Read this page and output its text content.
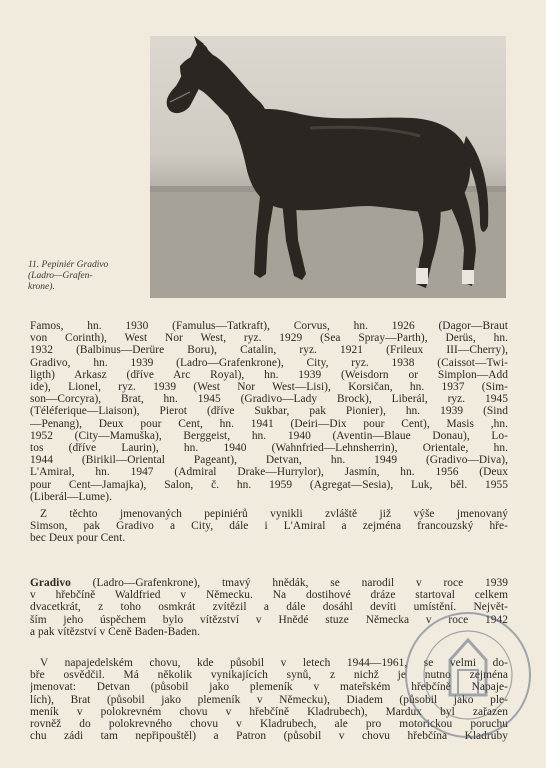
11. Pepiniér Gradivo
(Ladro—Grafen-
krone).
Famos, hn. 1930 (Famulus—Tatkraft), Corvus, hn. 1926 (Dagor—Braut
von Corinth), West Nor West, ryz. 1929 (Sea Spray—Parth), Derüs, hn.
1932 (Balbinus—Derüre Boru), Catalin, ryz. 1921 (Frileux III—Cherry),
Gradivo, hn. 1939 (Ladro—Grafenkrone), City, ryz. 1938 (Caissot—Twi-
ligth) Arkasz (dříve Arc Royal), hn. 1939 (Weisdorn or Simplon—Add
ide), Lionel, ryz. 1939 (West Nor West—Lisi), Korsičan, hn. 1937 (Sim-
son—Corcyra), Brat, hn. 1945 (Gradivo—Lady Brock), Liberál, ryz. 1945
(Téléferique—Liaison), Pierot (dříve Sukbar, pak Pionier), hn. 1939 (Sind
—Penang), Deux pour Cent, hn. 1941 (Deiri—Dix pour Cent), Masis ,hn.
1952 (City—Mamuška), Berggeist, hn. 1940 (Aventin—Blaue Donau), Lo-
tos (dříve Laurin), hn. 1940 (Wahnfried—Lehnsherrin), Orientale, hn.
1944 (Birikil—Oriental Pageant), Detvan, hn. 1949 (Gradivo—Diva),
L'Amiral, hn. 1947 (Admiral Drake—Hurrylor), Jasmín, hn. 1956 (Deux
pour Cent—Jamajka), Salon, č. hn. 1959 (Agregat—Sesia), Luk, běl. 1955
(Liberál—Lume).
Z těchto jmenovaných pepiniérů vynikli zvláště již výše jmenovaný
Simson, pak Gradivo a City, dále i L'Amiral a zejména francouzský hře-
bec Deux pour Cent.
Gradivo (Ladro—Grafenkrone), tmavý hnědák, se narodil v roce 1939
v hřebčíně Waldfried v Německu. Na dostihové dráze startoval celkem
dvacetkrát, z toho osmkrát zvítězil a dále dosáhl devíti umístění. Největ-
ším jeho úspěchem bylo vítězství v Hnědé stuze Německa v roce 1942
a pak vítězství v Ceně Baden-Baden.
V napajedelském chovu, kde působil v letech 1944—1961, se velmi do-
bře osvědčil. Má několik vynikajících synů, z nichž je nutno zejména
jmenovat: Detvan (působil jako plemeník v mateřském hřebčíně Napaje-
lích), Brat (působil jako plemeník v Německu), Diadem (působil jako ple-
meník v polokrevném chovu v hřebčíně Kladrubech), Mardux byl zařazen
rovněž do polokrevného chovu v Kladrubech, ale pro motorickou poruchu
chu zádi tam nepřipouštěl) a Patron (působil v chovu hřebčína Kladruby
